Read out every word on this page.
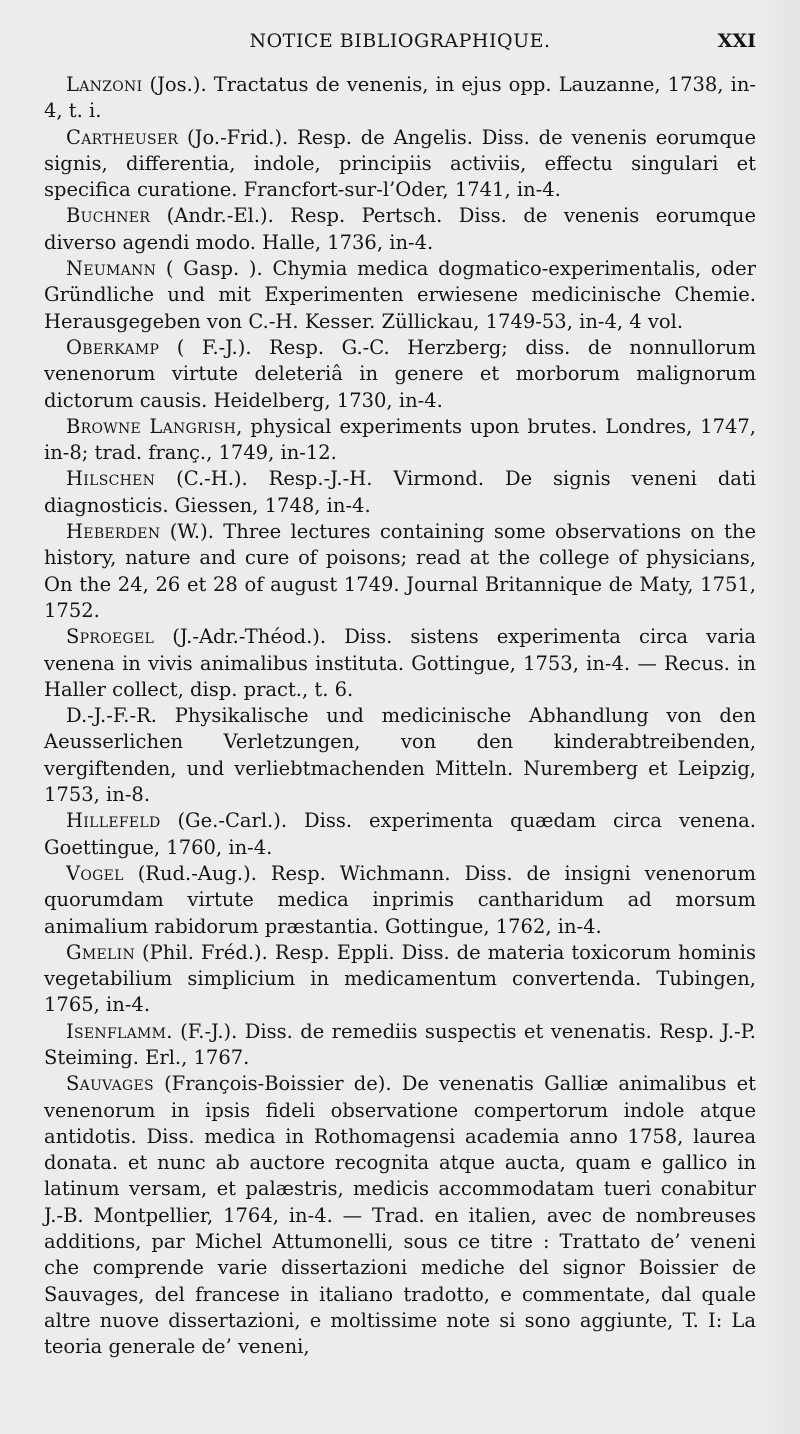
NOTICE BIBLIOGRAPHIQUE.	XXI

Lanzoni (Jos.). Tractatus de venenis, in ejus opp. Lauzanne, 1738, in-4, t. i.

Cartheuser (Jo.-Frid.). Resp. de Angelis. Diss. de venenis eorumque signis, differentia, indole, principiis activiis, effectu singulari et specifica curatione. Francfort-sur-l’Oder, 1741, in-4.

Buchner (Andr.-El.). Resp. Pertsch. Diss. de venenis eorumque diverso agendi modo. Halle, 1736, in-4.

Neumann ( Gasp. ). Chymia medica dogmatico-experimentalis, oder Gründliche und mit Experimenten erwiesene medicinische Chemie. Herausgegeben von C.-H. Kesser. Züllickau, 1749-53, in-4, 4 vol.

Oberkamp ( F.-J.). Resp. G.-C. Herzberg; diss. de nonnullorum venenorum virtute deleteriâ in genere et morborum malignorum dictorum causis. Heidelberg, 1730, in-4.

Browne Langrish, physical experiments upon brutes. Londres, 1747, in-8; trad. franç., 1749, in-12.

Hilschen (C.-H.). Resp.-J.-H. Virmond. De signis veneni dati diagnosticis. Giessen, 1748, in-4.

Heberden (W.). Three lectures containing some observations on the history, nature and cure of poisons; read at the college of physicians, On the 24, 26 et 28 of august 1749. Journal Britannique de Maty, 1751, 1752.

Sproegel (J.-Adr.-Théod.). Diss. sistens experimenta circa varia venena in vivis animalibus instituta. Gottingue, 1753, in-4. — Recus. in Haller collect, disp. pract., t. 6.

D.-J.-F.-R. Physikalische und medicinische Abhandlung von den Aeusserlichen Verletzungen, von den kinderabtreibenden, vergiftenden, und verliebtmachenden Mitteln. Nuremberg et Leipzig, 1753, in-8.

Hillefeld (Ge.-Carl.). Diss. experimenta quædam circa venena. Goettingue, 1760, in-4.

Vogel (Rud.-Aug.). Resp. Wichmann. Diss. de insigni venenorum quorumdam virtute medica inprimis cantharidum ad morsum animalium rabidorum præstantia. Gottingue, 1762, in-4.

Gmelin (Phil. Fréd.). Resp. Eppli. Diss. de materia toxicorum hominis vegetabilium simplicium in medicamentum convertenda. Tubingen, 1765, in-4.

Isenflamm. (F.-J.). Diss. de remediis suspectis et venenatis. Resp. J.-P. Steiming. Erl., 1767.

Sauvages (François-Boissier de). De venenatis Galliæ animalibus et venenorum in ipsis fideli observatione compertorum indole atque antidotis. Diss. medica in Rothomagensi academia anno 1758, laurea donata. et nunc ab auctore recognita atque aucta, quam e gallico in latinum versam, et palæstris, medicis accommodatam tueri conabitur J.-B. Montpellier, 1764, in-4. — Trad. en italien, avec de nombreuses additions, par Michel Attumonelli, sous ce titre : Trattato de’ veneni che comprende varie dissertazioni mediche del signor Boissier de Sauvages, del francese in italiano tradotto, e commentate, dal quale altre nuove dissertazioni, e moltissime note si sono aggiunte, T. I: La teoria generale de’ veneni,
